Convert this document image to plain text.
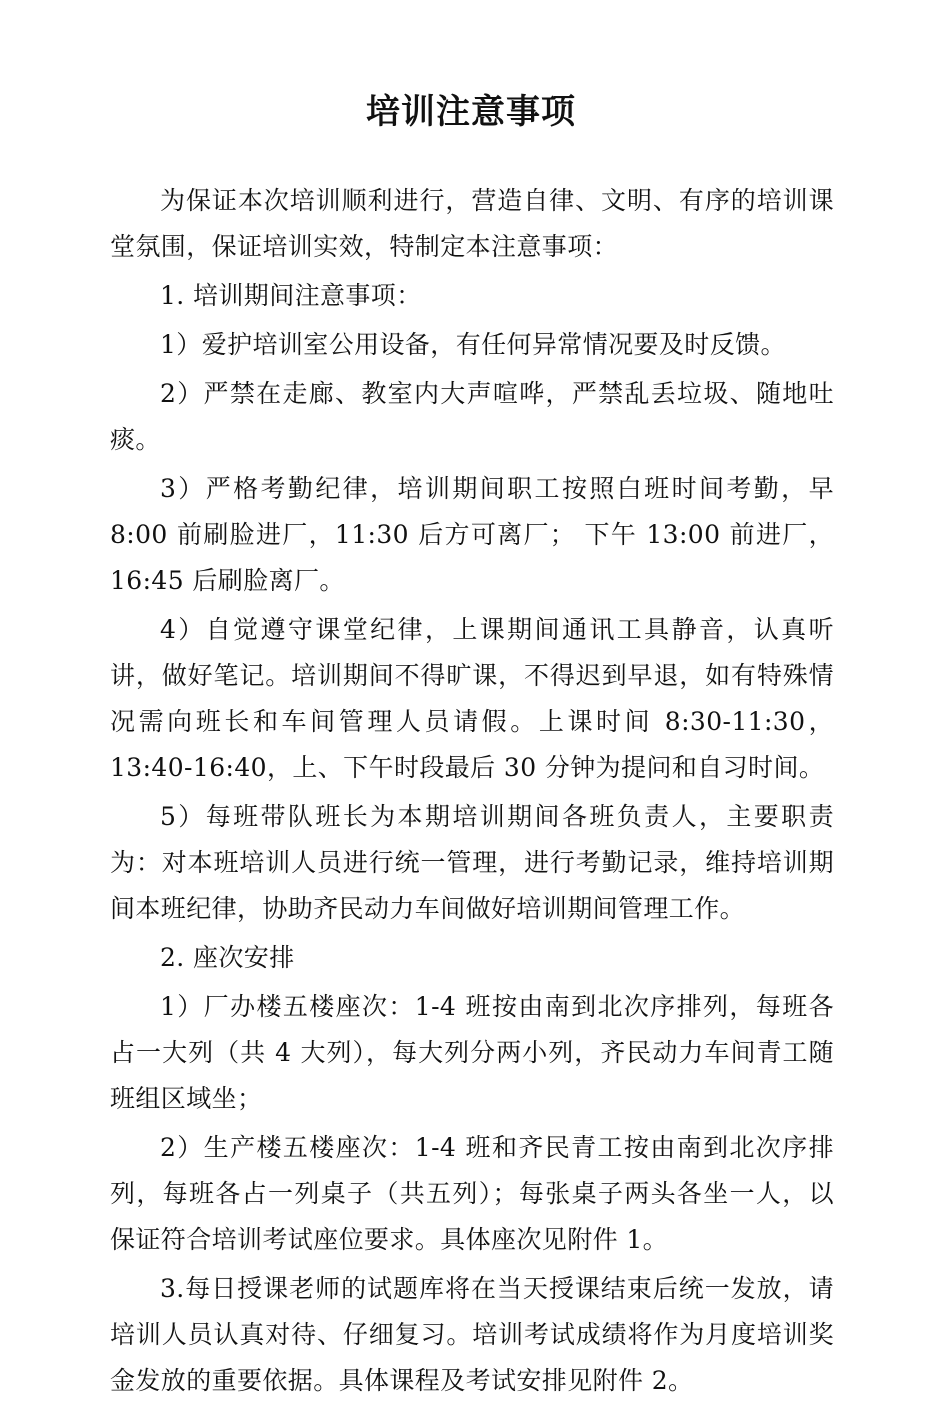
培训注意事项

为保证本次培训顺利进行，营造自律、文明、有序的培训课堂氛围，保证培训实效，特制定本注意事项：

1. 培训期间注意事项：

1）爱护培训室公用设备，有任何异常情况要及时反馈。

2）严禁在走廊、教室内大声喧哗，严禁乱丢垃圾、随地吐痰。

3）严格考勤纪律，培训期间职工按照白班时间考勤，早 8:00 前刷脸进厂，11:30 后方可离厂； 下午 13:00 前进厂，16:45 后刷脸离厂。

4）自觉遵守课堂纪律，上课期间通讯工具静音，认真听讲，做好笔记。培训期间不得旷课，不得迟到早退，如有特殊情况需向班长和车间管理人员请假。上课时间 8:30-11:30，13:40-16:40，上、下午时段最后 30 分钟为提问和自习时间。

5）每班带队班长为本期培训期间各班负责人，主要职责为：对本班培训人员进行统一管理，进行考勤记录，维持培训期间本班纪律，协助齐民动力车间做好培训期间管理工作。

2. 座次安排

1）厂办楼五楼座次：1-4 班按由南到北次序排列，每班各占一大列（共 4 大列），每大列分两小列，齐民动力车间青工随班组区域坐；

2）生产楼五楼座次：1-4 班和齐民青工按由南到北次序排列，每班各占一列桌子（共五列）；每张桌子两头各坐一人，以保证符合培训考试座位要求。具体座次见附件 1。

3.每日授课老师的试题库将在当天授课结束后统一发放，请培训人员认真对待、仔细复习。培训考试成绩将作为月度培训奖金发放的重要依据。具体课程及考试安排见附件 2。
